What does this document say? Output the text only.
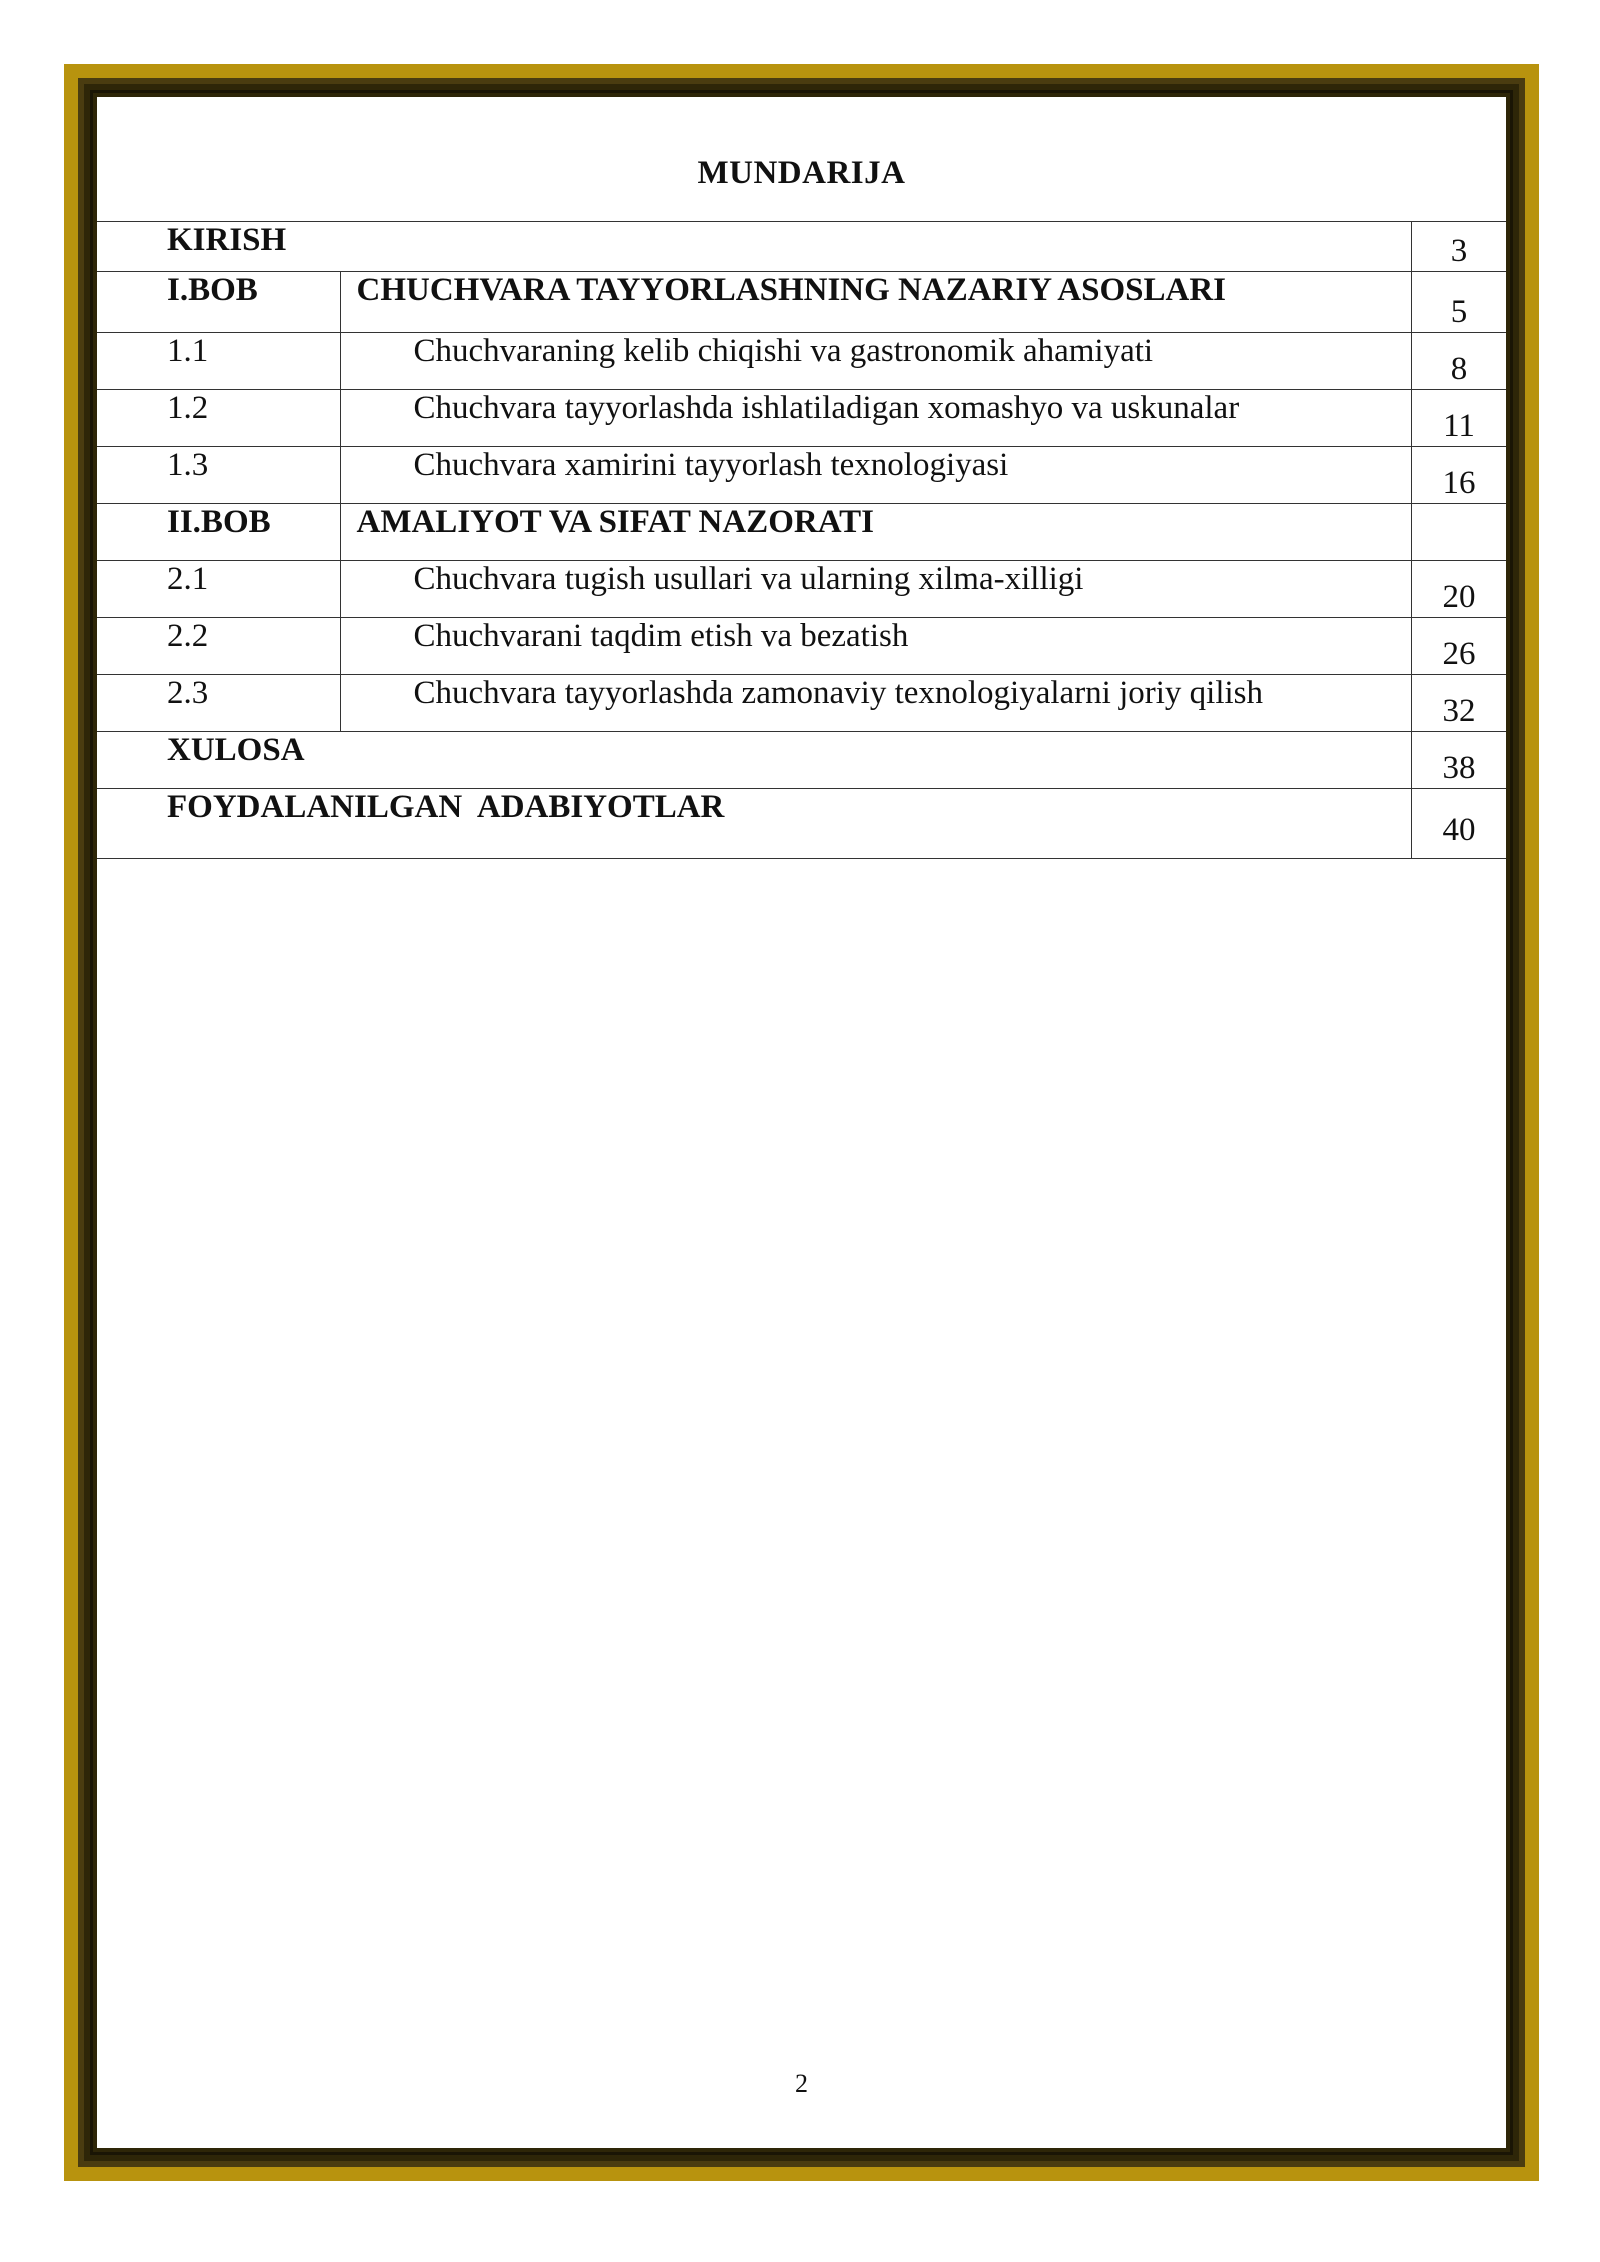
MUNDARIJA
KIRISH		3
I.BOB	CHUCHVARA TAYYORLASHNING NAZARIY ASOSLARI	5
1.1	Chuchvaraning kelib chiqishi va gastronomik ahamiyati	8
1.2	Chuchvara tayyorlashda ishlatiladigan xomashyo va uskunalar	11
1.3	Chuchvara xamirini tayyorlash texnologiyasi	16
II.BOB	AMALIYOT VA SIFAT NAZORATI	
2.1	Chuchvara tugish usullari va ularning xilma-xilligi	20
2.2	Chuchvarani taqdim etish va bezatish	26
2.3	Chuchvara tayyorlashda zamonaviy texnologiyalarni joriy qilish	32
XULOSA		38
FOYDALANILGAN  ADABIYOTLAR		40
2
